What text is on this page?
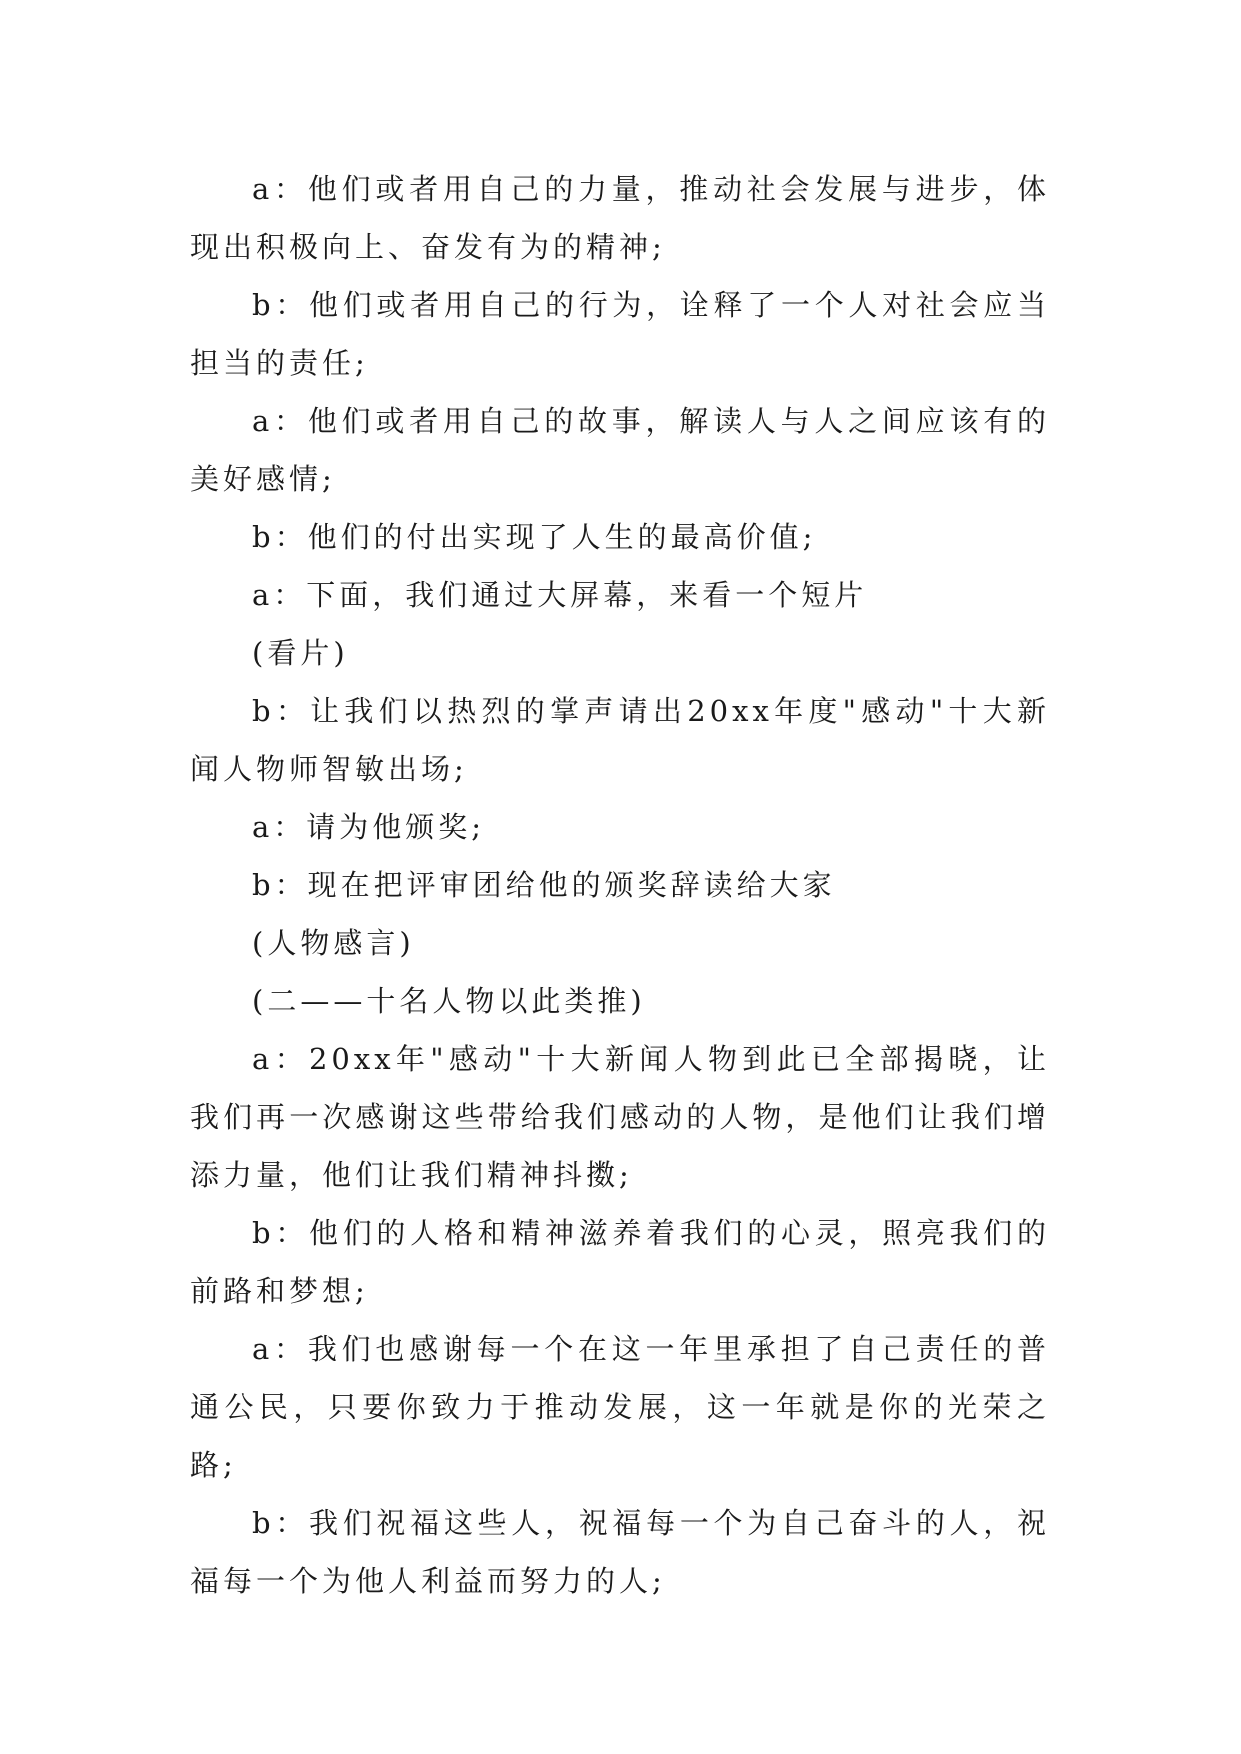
a：他们或者用自己的力量，推动社会发展与进步，体现出积极向上、奋发有为的精神;

b：他们或者用自己的行为，诠释了一个人对社会应当担当的责任;

a：他们或者用自己的故事，解读人与人之间应该有的美好感情;

b：他们的付出实现了人生的最高价值;

a：下面，我们通过大屏幕，来看一个短片

(看片)

b：让我们以热烈的掌声请出20xx年度"感动"十大新闻人物师智敏出场;

a：请为他颁奖;

b：现在把评审团给他的颁奖辞读给大家

(人物感言)

(二——十名人物以此类推)

a：20xx年"感动"十大新闻人物到此已全部揭晓，让我们再一次感谢这些带给我们感动的人物，是他们让我们增添力量，他们让我们精神抖擞;

b：他们的人格和精神滋养着我们的心灵，照亮我们的前路和梦想;

a：我们也感谢每一个在这一年里承担了自己责任的普通公民，只要你致力于推动发展，这一年就是你的光荣之路;

b：我们祝福这些人，祝福每一个为自己奋斗的人，祝福每一个为他人利益而努力的人;
